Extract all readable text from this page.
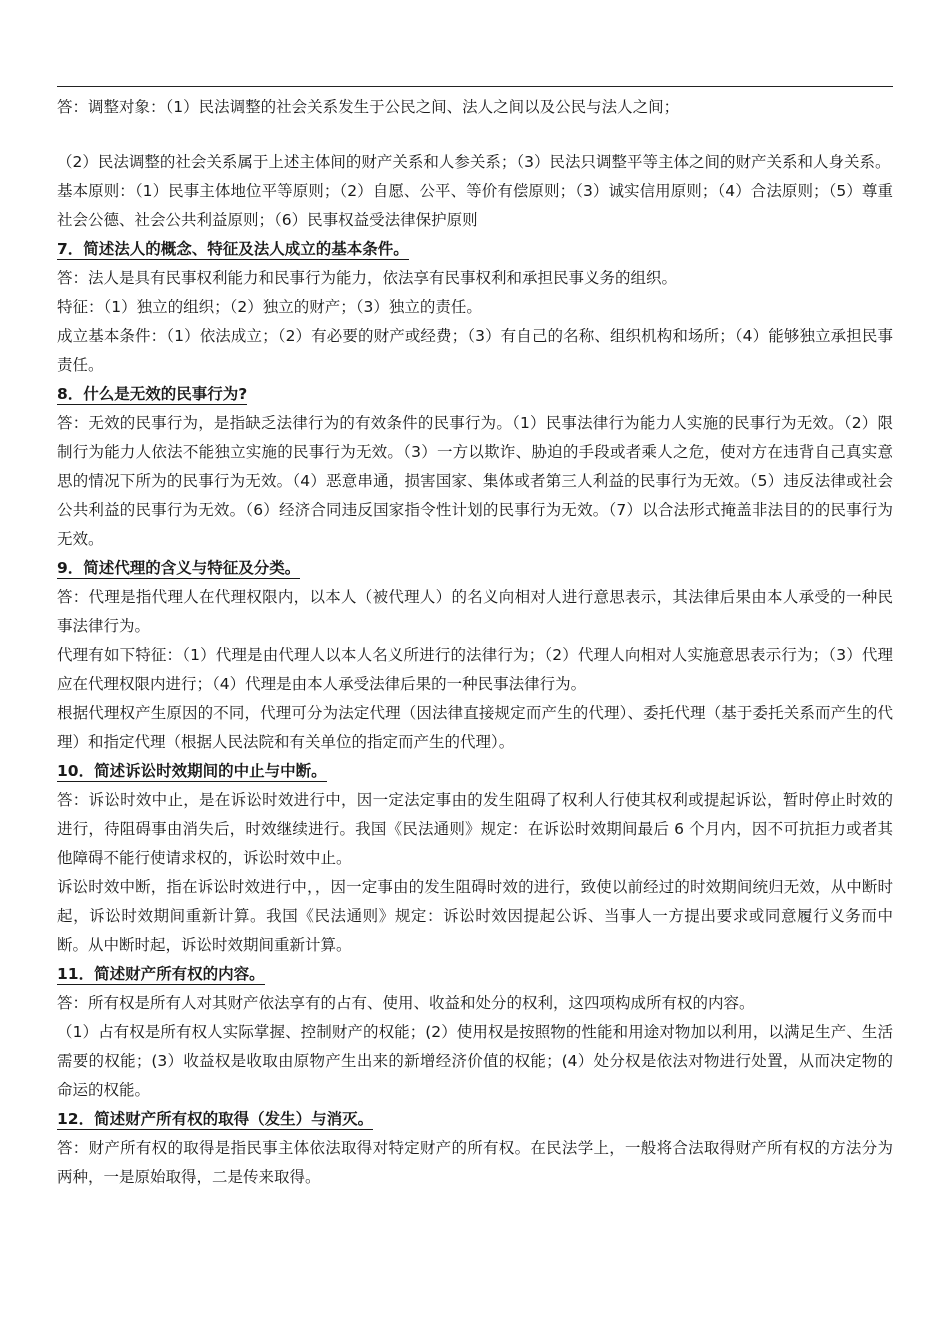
答：调整对象：（1）民法调整的社会关系发生于公民之间、法人之间以及公民与法人之间；

（2）民法调整的社会关系属于上述主体间的财产关系和人参关系；（3）民法只调整平等主体之间的财产关系和人身关系。

基本原则：（1）民事主体地位平等原则；（2）自愿、公平、等价有偿原则；（3）诚实信用原则；（4）合法原则；（5）尊重社会公德、社会公共利益原则；（6）民事权益受法律保护原则

7．简述法人的概念、特征及法人成立的基本条件。

答：法人是具有民事权利能力和民事行为能力，依法享有民事权利和承担民事义务的组织。

特征：（1）独立的组织；（2）独立的财产；（3）独立的责任。

成立基本条件：（1）依法成立；（2）有必要的财产或经费；（3）有自己的名称、组织机构和场所；（4）能够独立承担民事责任。

8．什么是无效的民事行为?

答：无效的民事行为，是指缺乏法律行为的有效条件的民事行为。（1）民事法律行为能力人实施的民事行为无效。（2）限制行为能力人依法不能独立实施的民事行为无效。（3）一方以欺诈、胁迫的手段或者乘人之危，使对方在违背自己真实意思的情况下所为的民事行为无效。（4）恶意串通，损害国家、集体或者第三人利益的民事行为无效。（5）违反法律或社会公共利益的民事行为无效。（6）经济合同违反国家指令性计划的民事行为无效。（7）以合法形式掩盖非法目的的民事行为无效。

9．简述代理的含义与特征及分类。

答：代理是指代理人在代理权限内，以本人（被代理人）的名义向相对人进行意思表示，其法律后果由本人承受的一种民事法律行为。

代理有如下特征：（1）代理是由代理人以本人名义所进行的法律行为；（2）代理人向相对人实施意思表示行为；（3）代理应在代理权限内进行；（4）代理是由本人承受法律后果的一种民事法律行为。

根据代理权产生原因的不同，代理可分为法定代理（因法律直接规定而产生的代理）、委托代理（基于委托关系而产生的代理）和指定代理（根据人民法院和有关单位的指定而产生的代理）。

10．简述诉讼时效期间的中止与中断。

答：诉讼时效中止，是在诉讼时效进行中，因一定法定事由的发生阻碍了权利人行使其权利或提起诉讼，暂时停止时效的进行，待阻碍事由消失后，时效继续进行。我国《民法通则》规定：在诉讼时效期间最后 6 个月内，因不可抗拒力或者其他障碍不能行使请求权的，诉讼时效中止。

诉讼时效中断，指在诉讼时效进行中，，因一定事由的发生阻碍时效的进行，致使以前经过的时效期间统归无效，从中断时起，诉讼时效期间重新计算。我国《民法通则》规定：诉讼时效因提起公诉、当事人一方提出要求或同意履行义务而中断。从中断时起，诉讼时效期间重新计算。

11．简述财产所有权的内容。

答：所有权是所有人对其财产依法享有的占有、使用、收益和处分的权利，这四项构成所有权的内容。

（1）占有权是所有权人实际掌握、控制财产的权能；(2）使用权是按照物的性能和用途对物加以利用，以满足生产、生活需要的权能；(3）收益权是收取由原物产生出来的新增经济价值的权能；(4）处分权是依法对物进行处置，从而决定物的命运的权能。

12．简述财产所有权的取得（发生）与消灭。

答：财产所有权的取得是指民事主体依法取得对特定财产的所有权。在民法学上，一般将合法取得财产所有权的方法分为两种，一是原始取得，二是传来取得。
